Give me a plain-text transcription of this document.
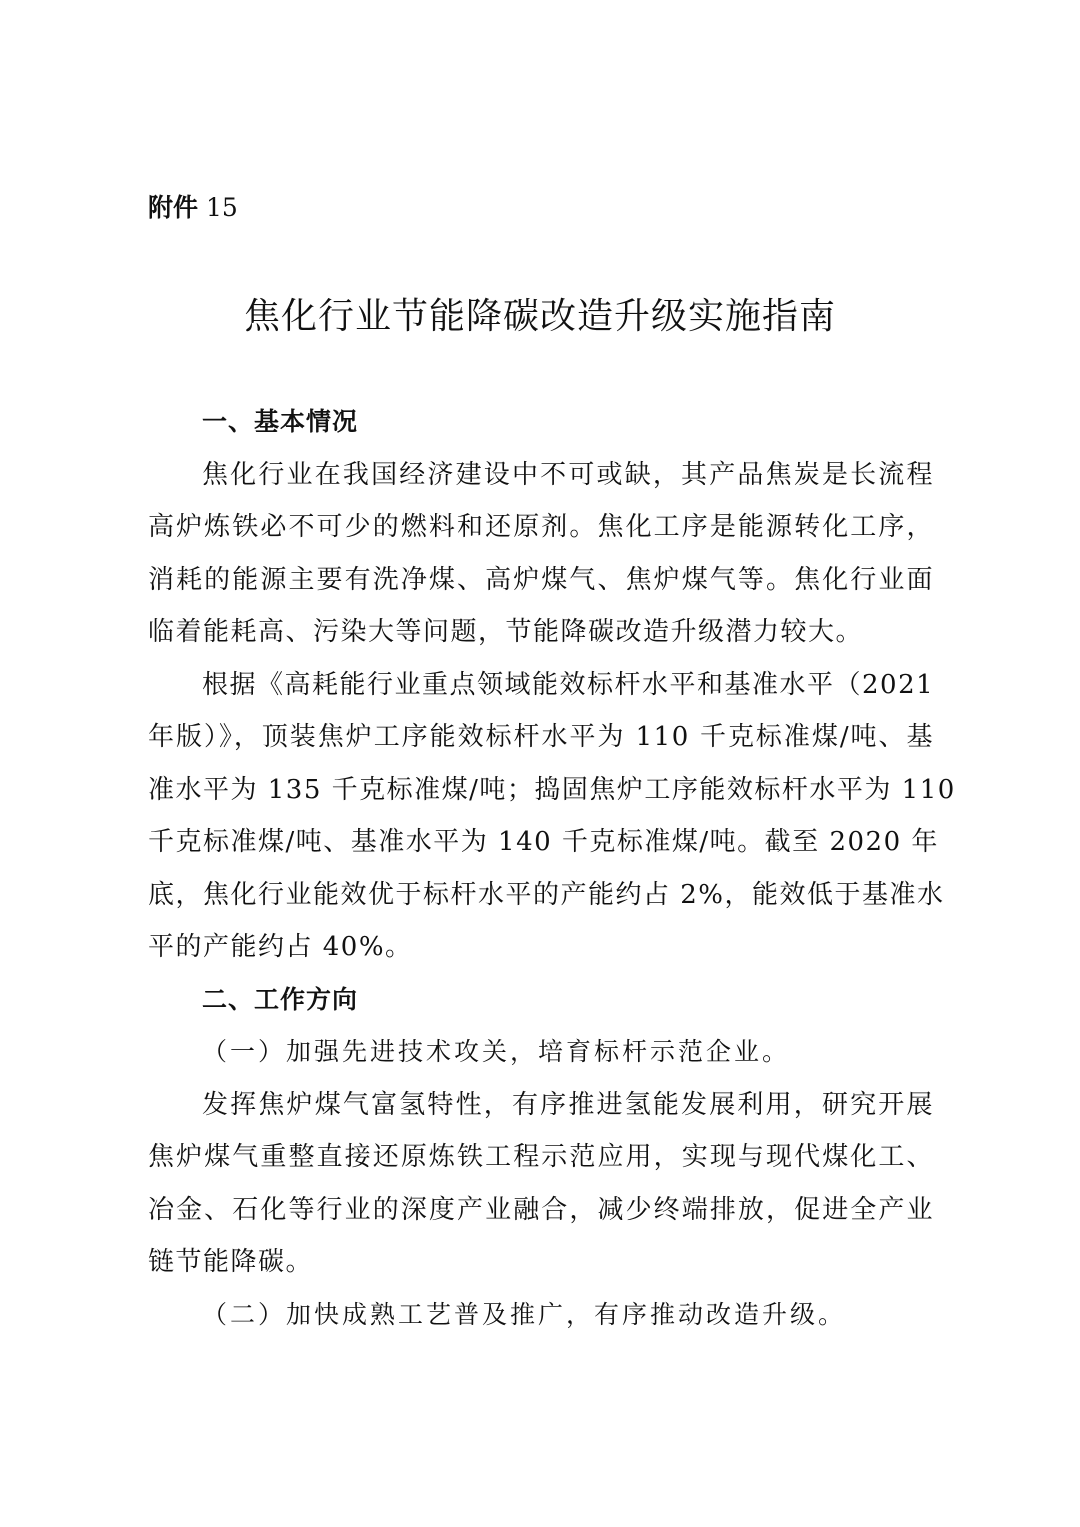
附件 15
焦化行业节能降碳改造升级实施指南
一、基本情况
焦化行业在我国经济建设中不可或缺，其产品焦炭是长流程
高炉炼铁必不可少的燃料和还原剂。焦化工序是能源转化工序，
消耗的能源主要有洗净煤、高炉煤气、焦炉煤气等。焦化行业面
临着能耗高、污染大等问题，节能降碳改造升级潜力较大。
根据《高耗能行业重点领域能效标杆水平和基准水平（2021
年版）》，顶装焦炉工序能效标杆水平为 110 千克标准煤/吨、基
准水平为 135 千克标准煤/吨；捣固焦炉工序能效标杆水平为 110
千克标准煤/吨、基准水平为 140 千克标准煤/吨。截至 2020 年
底，焦化行业能效优于标杆水平的产能约占 2%，能效低于基准水
平的产能约占 40%。
二、工作方向
（一）加强先进技术攻关，培育标杆示范企业。
发挥焦炉煤气富氢特性，有序推进氢能发展利用，研究开展
焦炉煤气重整直接还原炼铁工程示范应用，实现与现代煤化工、
冶金、石化等行业的深度产业融合，减少终端排放，促进全产业
链节能降碳。
（二）加快成熟工艺普及推广，有序推动改造升级。
